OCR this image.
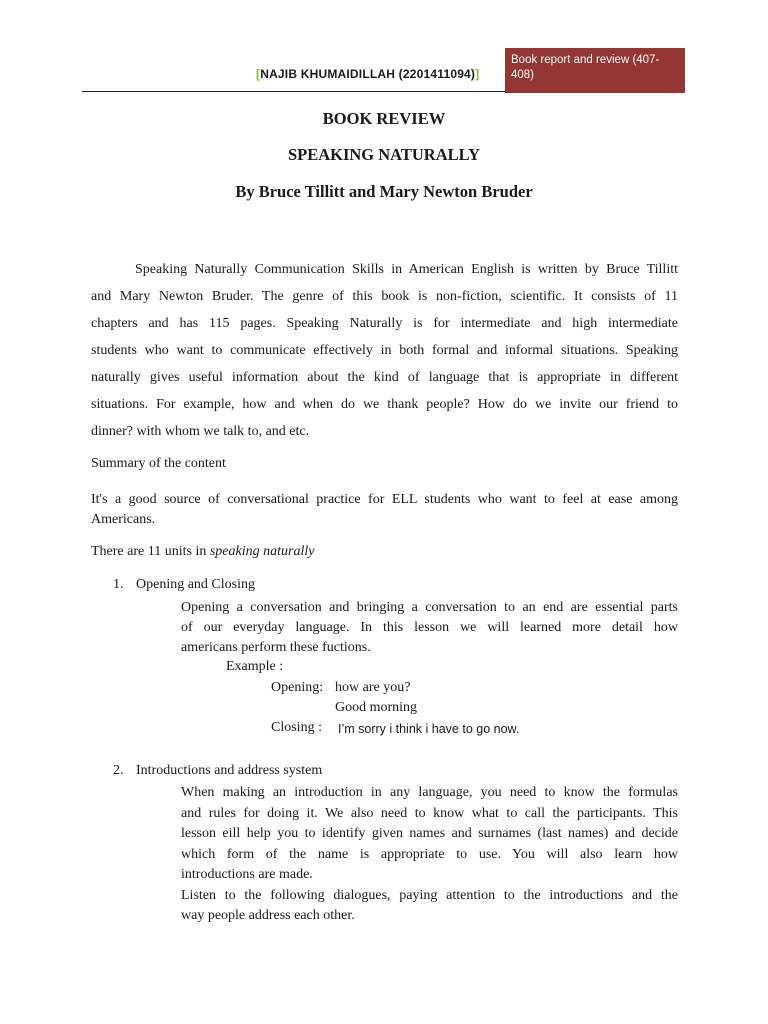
[NAJIB KHUMAIDILLAH (2201411094)]
Book report and review (407-
408)
BOOK REVIEW
SPEAKING NATURALLY
By Bruce Tillitt and Mary Newton Bruder
Speaking Naturally Communication Skills in American English is written by Bruce Tillitt
and Mary Newton Bruder. The genre of this book is non-fiction, scientific. It consists of 11
chapters and has 115 pages. Speaking Naturally is for intermediate and high intermediate
students who want to communicate effectively in both formal and informal situations. Speaking
naturally gives useful information about the kind of language that is appropriate in different
situations. For example, how and when do we thank people? How do we invite our friend to
dinner? with whom we talk to, and etc.
Summary of the content
It's a good source of conversational practice for ELL students who want to feel at ease among
Americans.
There are 11 units in speaking naturally
1. Opening and Closing
Opening a conversation and bringing a conversation to an end are essential parts
of our everyday language. In this lesson we will learned more detail how
americans perform these fuctions.
Example :
Opening: how are you?
Good morning
Closing : I’m sorry i think i have to go now.
2. Introductions and address system
When making an introduction in any language, you need to know the formulas
and rules for doing it. We also need to know what to call the participants. This
lesson eill help you to identify given names and surnames (last names) and decide
which form of the name is appropriate to use. You will also learn how
introductions are made.
Listen to the following dialogues, paying attention to the introductions and the
way people address each other.
